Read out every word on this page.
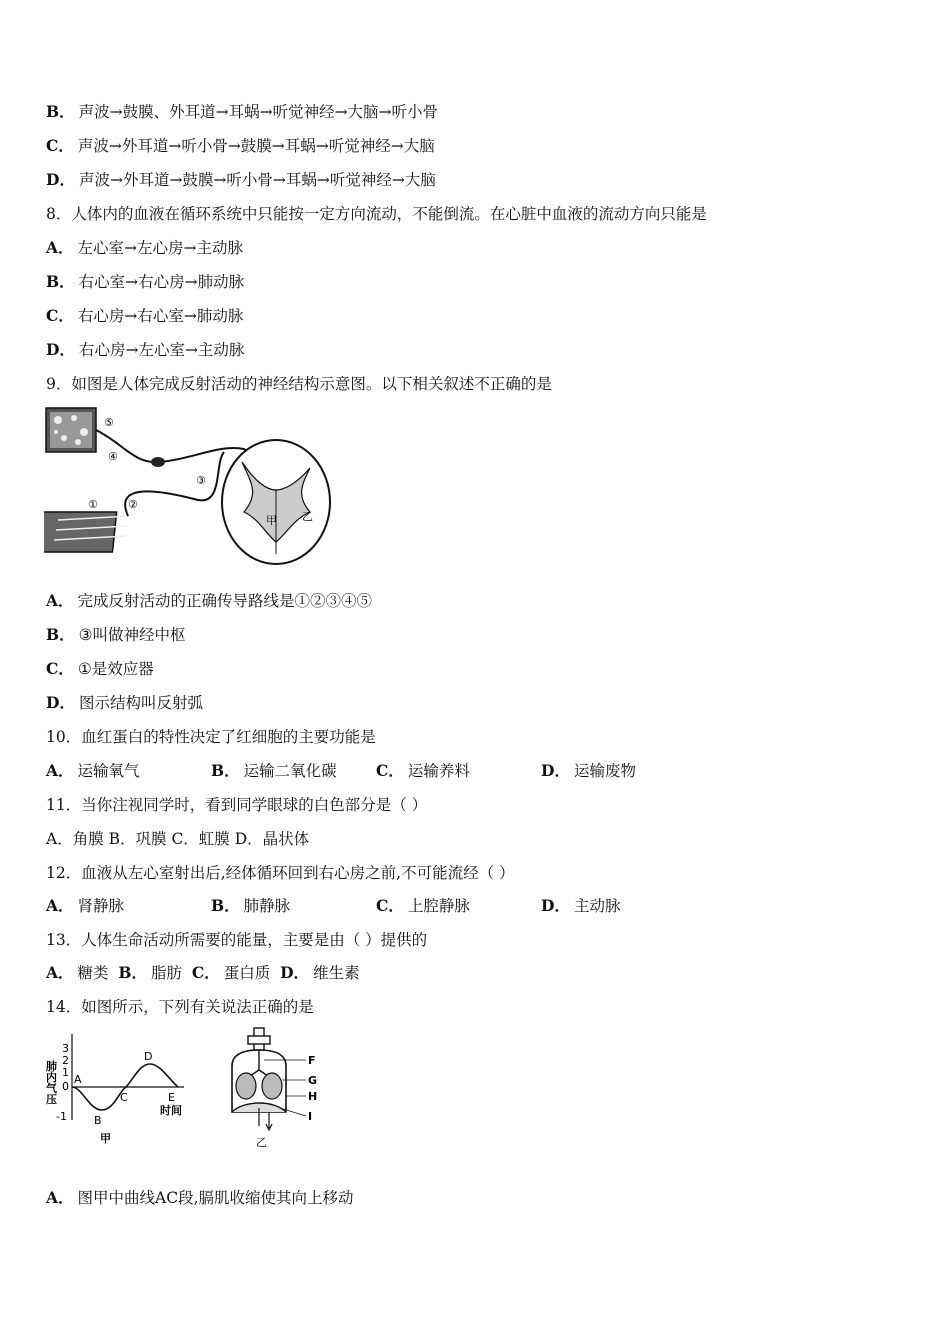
B． 声波→鼓膜、外耳道→耳蜗→听觉神经→大脑→听小骨
C． 声波→外耳道→听小骨→鼓膜→耳蜗→听觉神经→大脑
D． 声波→外耳道→鼓膜→听小骨→耳蜗→听觉神经→大脑
8．人体内的血液在循环系统中只能按一定方向流动，不能倒流。在心脏中血液的流动方向只能是
A． 左心室→左心房→主动脉
B． 右心室→右心房→肺动脉
C． 右心房→右心室→肺动脉
D． 右心房→左心室→主动脉
9．如图是人体完成反射活动的神经结构示意图。以下相关叙述不正确的是
⑤
④
①	②
③
甲 乙
A． 完成反射活动的正确传导路线是①②③④⑤
B． ③叫做神经中枢
C． ①是效应器
D． 图示结构叫反射弧
10．血红蛋白的特性决定了红细胞的主要功能是
A． 运输氧气	B． 运输二氧化碳	C． 运输养料	D． 运输废物
11．当你注视同学时，看到同学眼球的白色部分是（ ）
A．角膜 B．巩膜 C．虹膜 D．晶状体
12．血液从左心室射出后,经体循环回到右心房之前,不可能流经（ ）
A． 肾静脉	B． 肺静脉	C． 上腔静脉	D． 主动脉
13．人体生命活动所需要的能量，主要是由（ ）提供的
A． 糖类 B． 脂肪 C． 蛋白质 D． 维生素
14．如图所示，下列有关说法正确的是
肺内气压
3
2
1
0
-1
A
B
C
D
E
时间
甲
F
G
H
I
乙
A． 图甲中曲线AC段,膈肌收缩使其向上移动
